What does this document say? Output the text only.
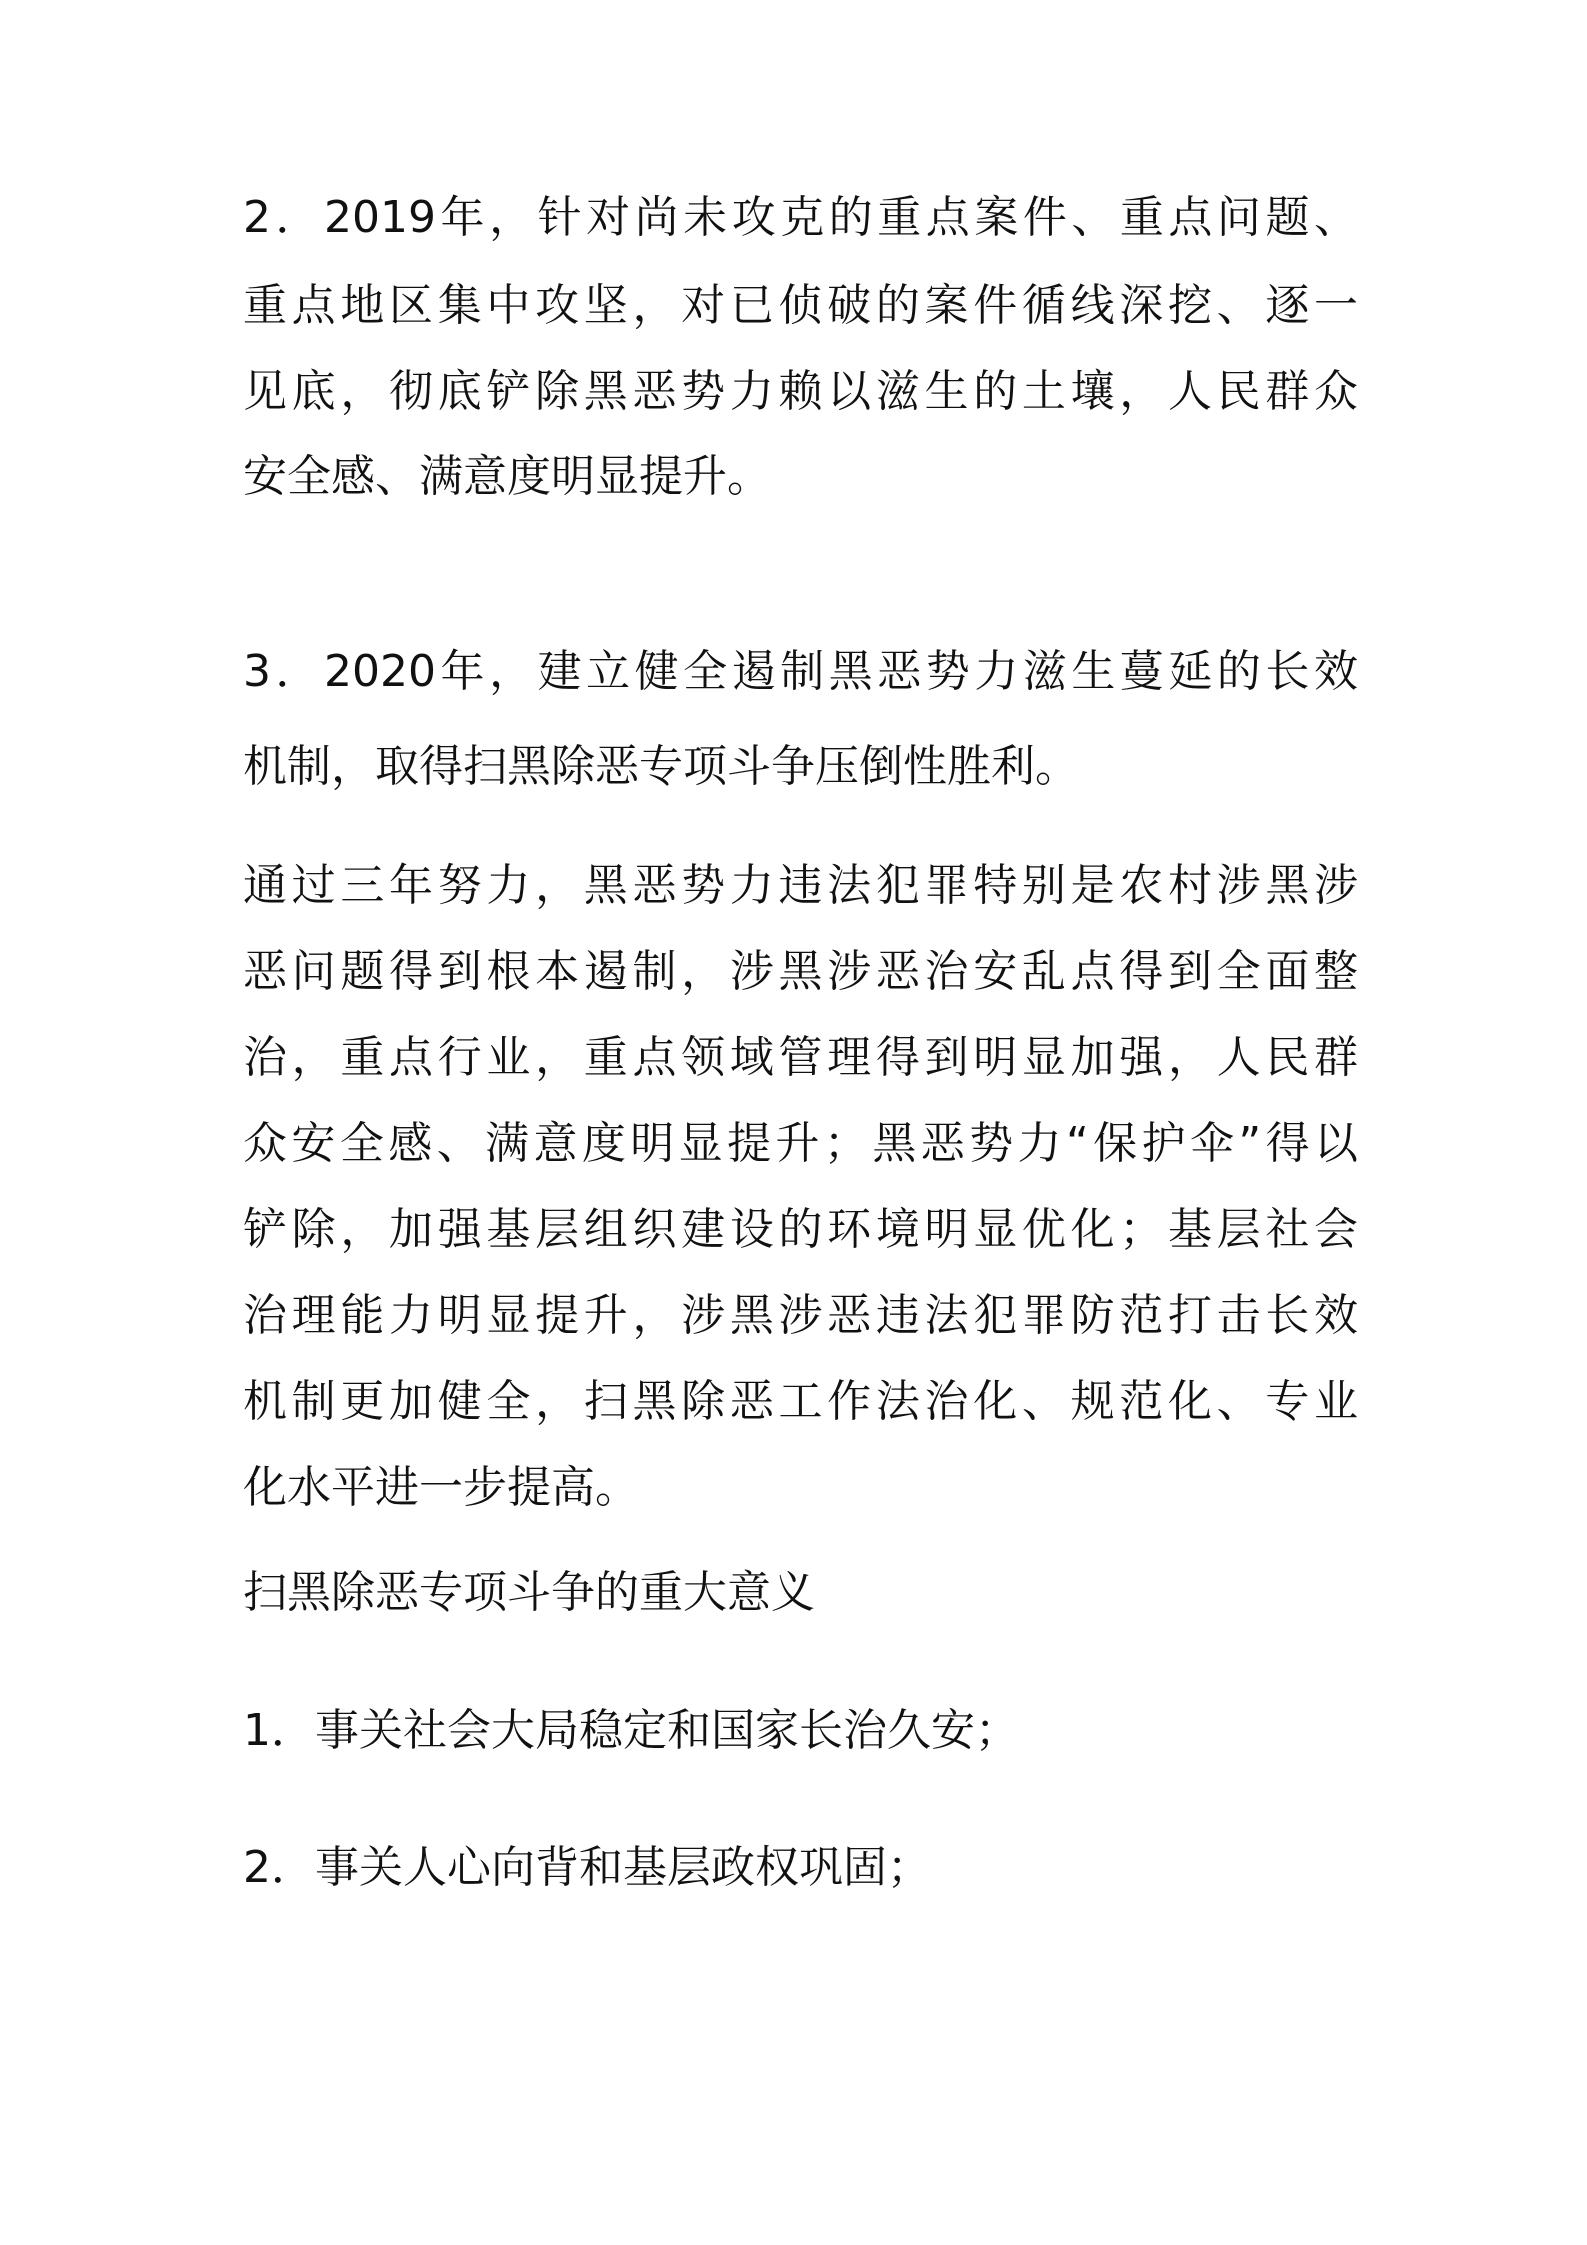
2．2019年，针对尚未攻克的重点案件、重点问题、
重点地区集中攻坚，对已侦破的案件循线深挖、逐一
见底，彻底铲除黑恶势力赖以滋生的土壤，人民群众
安全感、满意度明显提升。
3．2020年，建立健全遏制黑恶势力滋生蔓延的长效
机制，取得扫黑除恶专项斗争压倒性胜利。
通过三年努力，黑恶势力违法犯罪特别是农村涉黑涉
恶问题得到根本遏制，涉黑涉恶治安乱点得到全面整
治，重点行业，重点领域管理得到明显加强，人民群
众安全感、满意度明显提升；黑恶势力“保护伞”得以
铲除，加强基层组织建设的环境明显优化；基层社会
治理能力明显提升，涉黑涉恶违法犯罪防范打击长效
机制更加健全，扫黑除恶工作法治化、规范化、专业
化水平进一步提高。
扫黑除恶专项斗争的重大意义
1．事关社会大局稳定和国家长治久安；
2．事关人心向背和基层政权巩固；
